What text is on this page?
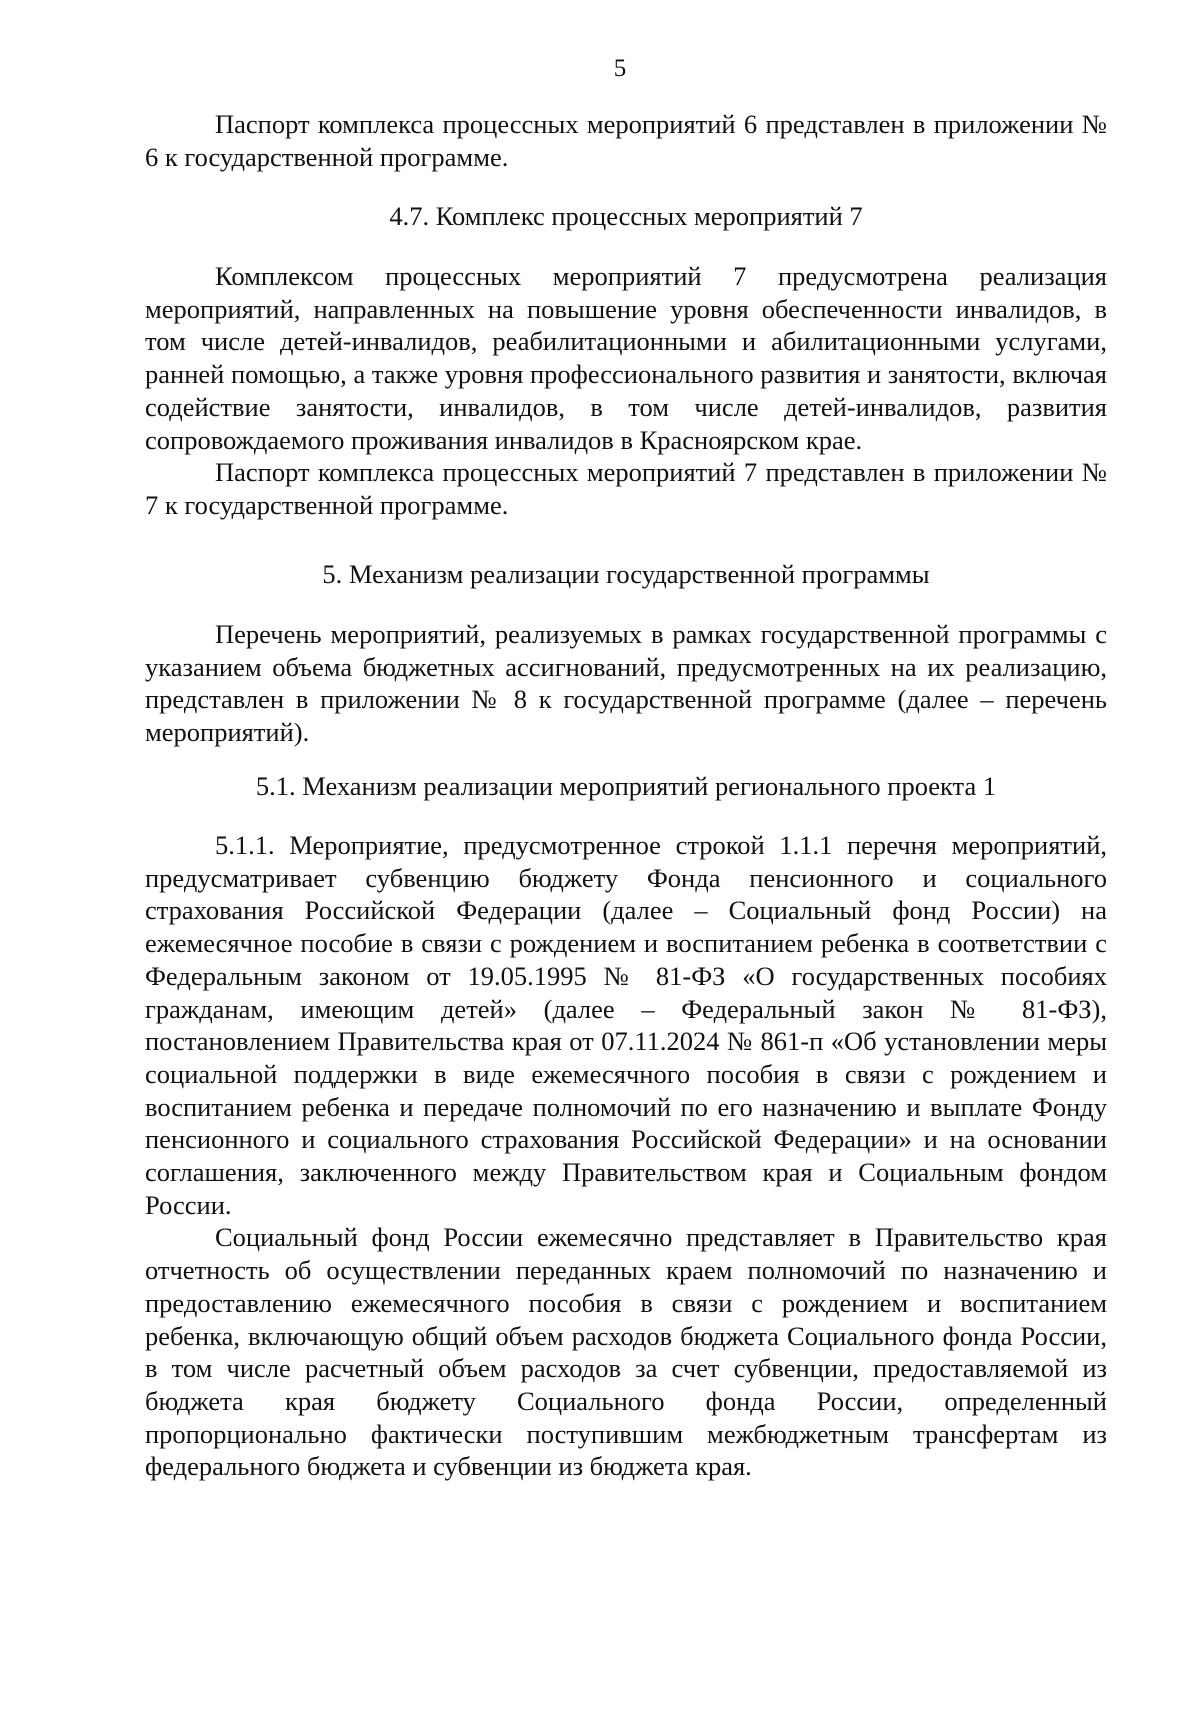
5

Паспорт комплекса процессных мероприятий 6 представлен в приложении № 6 к государственной программе.

4.7. Комплекс процессных мероприятий 7

Комплексом процессных мероприятий 7 предусмотрена реализация мероприятий, направленных на повышение уровня обеспеченности инвалидов, в том числе детей-инвалидов, реабилитационными и абилитационными услугами, ранней помощью, а также уровня профессионального развития и занятости, включая содействие занятости, инвалидов, в том числе детей-инвалидов, развития сопровождаемого проживания инвалидов в Красноярском крае.

Паспорт комплекса процессных мероприятий 7 представлен в приложении № 7 к государственной программе.

5. Механизм реализации государственной программы

Перечень мероприятий, реализуемых в рамках государственной программы с указанием объема бюджетных ассигнований, предусмотренных на их реализацию, представлен в приложении № 8 к государственной программе (далее – перечень мероприятий).

5.1. Механизм реализации мероприятий регионального проекта 1

5.1.1. Мероприятие, предусмотренное строкой 1.1.1 перечня мероприятий, предусматривает субвенцию бюджету Фонда пенсионного и социального страхования Российской Федерации (далее – Социальный фонд России) на ежемесячное пособие в связи с рождением и воспитанием ребенка в соответствии с Федеральным законом от 19.05.1995 № 81-ФЗ «О государственных пособиях гражданам, имеющим детей» (далее – Федеральный закон № 81-ФЗ), постановлением Правительства края от 07.11.2024 № 861-п «Об установлении меры социальной поддержки в виде ежемесячного пособия в связи с рождением и воспитанием ребенка и передаче полномочий по его назначению и выплате Фонду пенсионного и социального страхования Российской Федерации» и на основании соглашения, заключенного между Правительством края и Социальным фондом России.

Социальный фонд России ежемесячно представляет в Правительство края отчетность об осуществлении переданных краем полномочий по назначению и предоставлению ежемесячного пособия в связи с рождением и воспитанием ребенка, включающую общий объем расходов бюджета Социального фонда России, в том числе расчетный объем расходов за счет субвенции, предоставляемой из бюджета края бюджету Социального фонда России, определенный пропорционально фактически поступившим межбюджетным трансфертам из федерального бюджета и субвенции из бюджета края.
